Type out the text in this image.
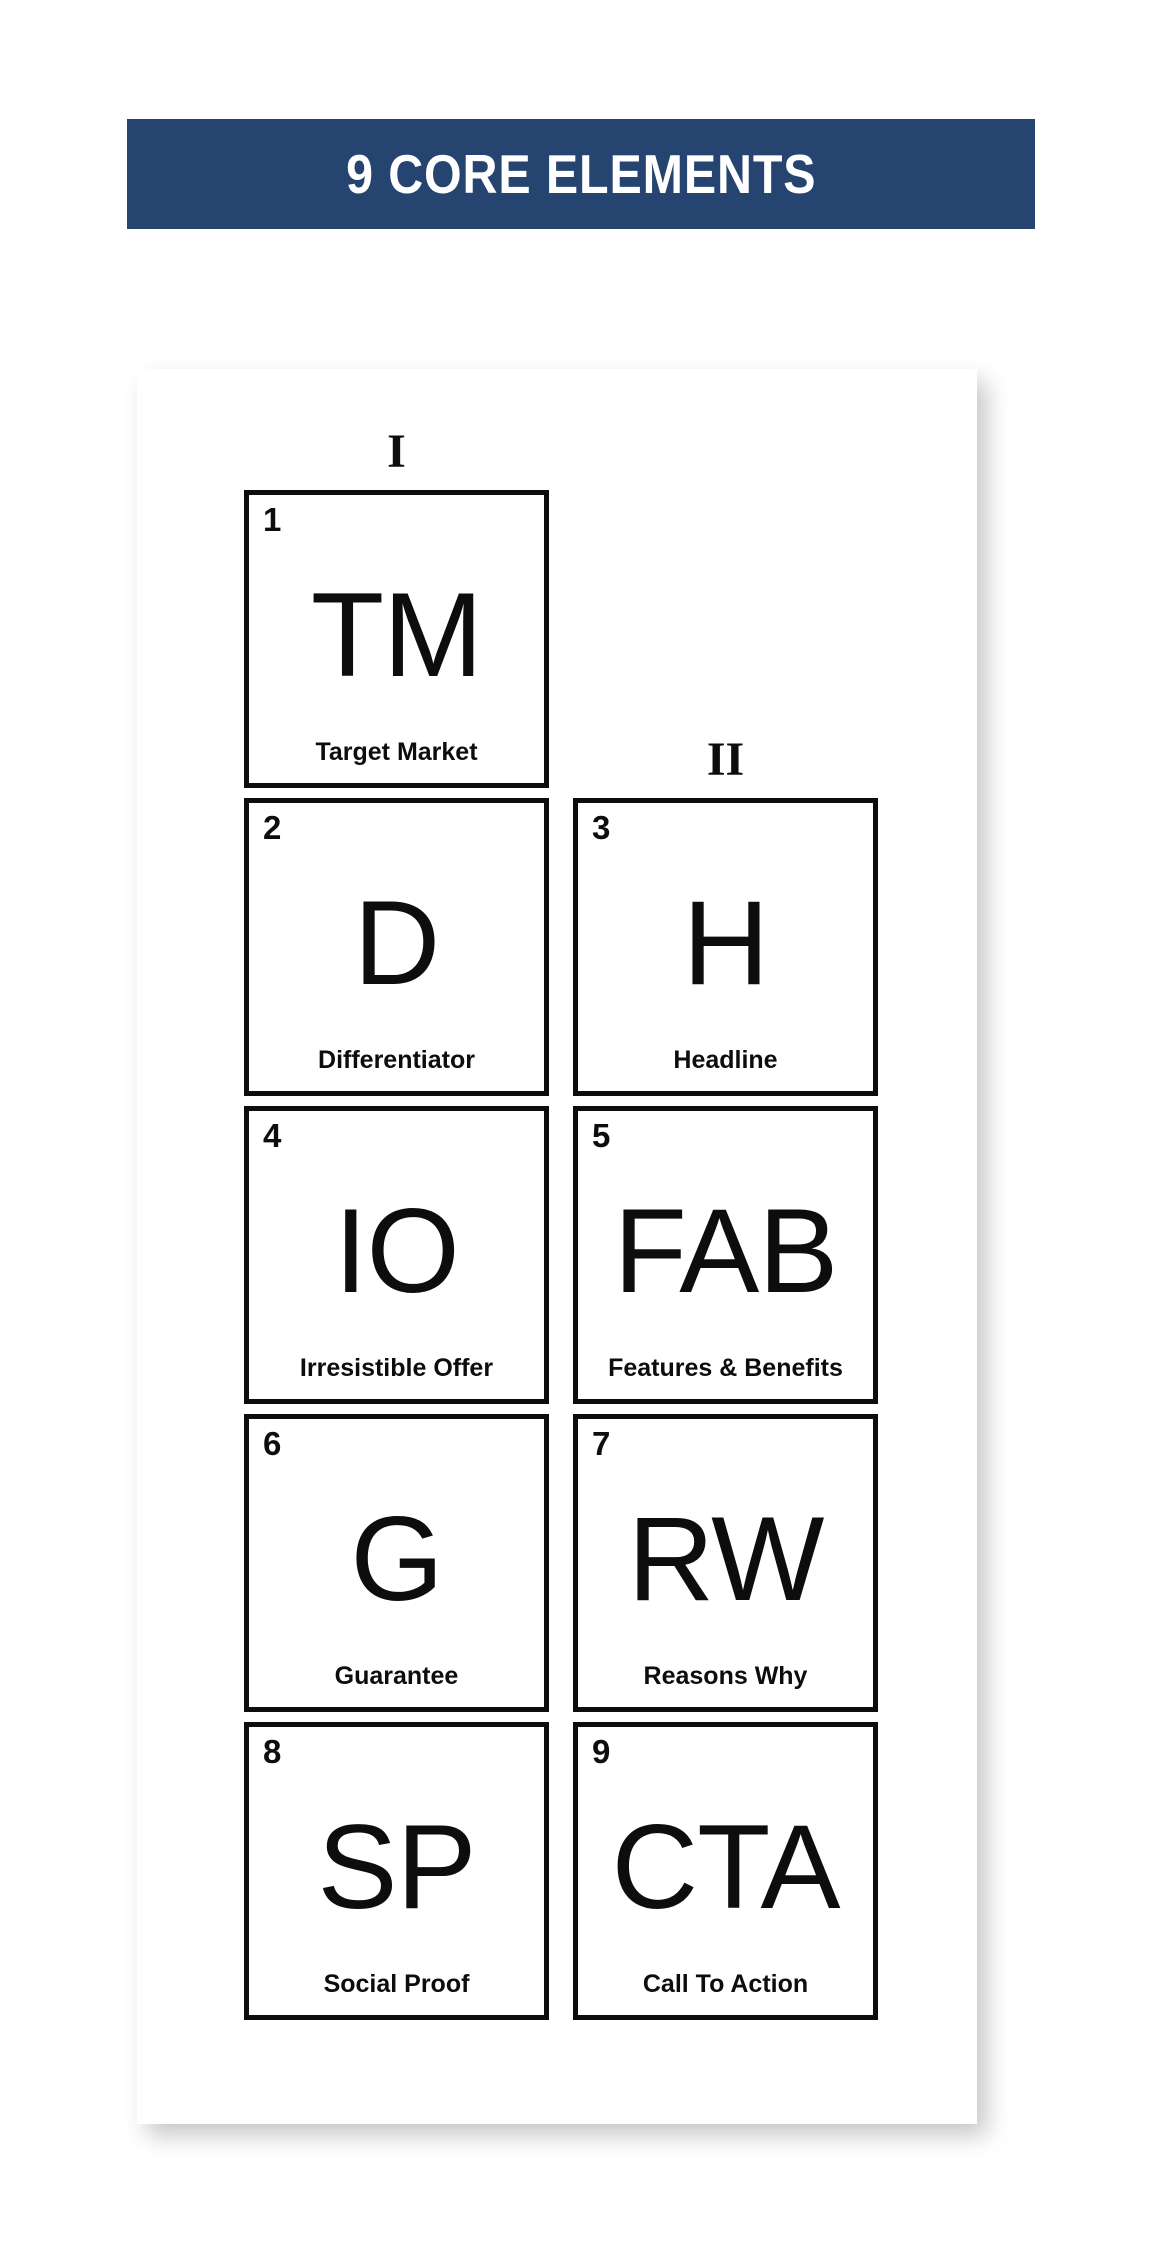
9 CORE ELEMENTS
I
II
1
TM
Target Market
2
D
Differentiator
3
H
Headline
4
IO
Irresistible Offer
5
FAB
Features & Benefits
6
G
Guarantee
7
RW
Reasons Why
8
SP
Social Proof
9
CTA
Call To Action
